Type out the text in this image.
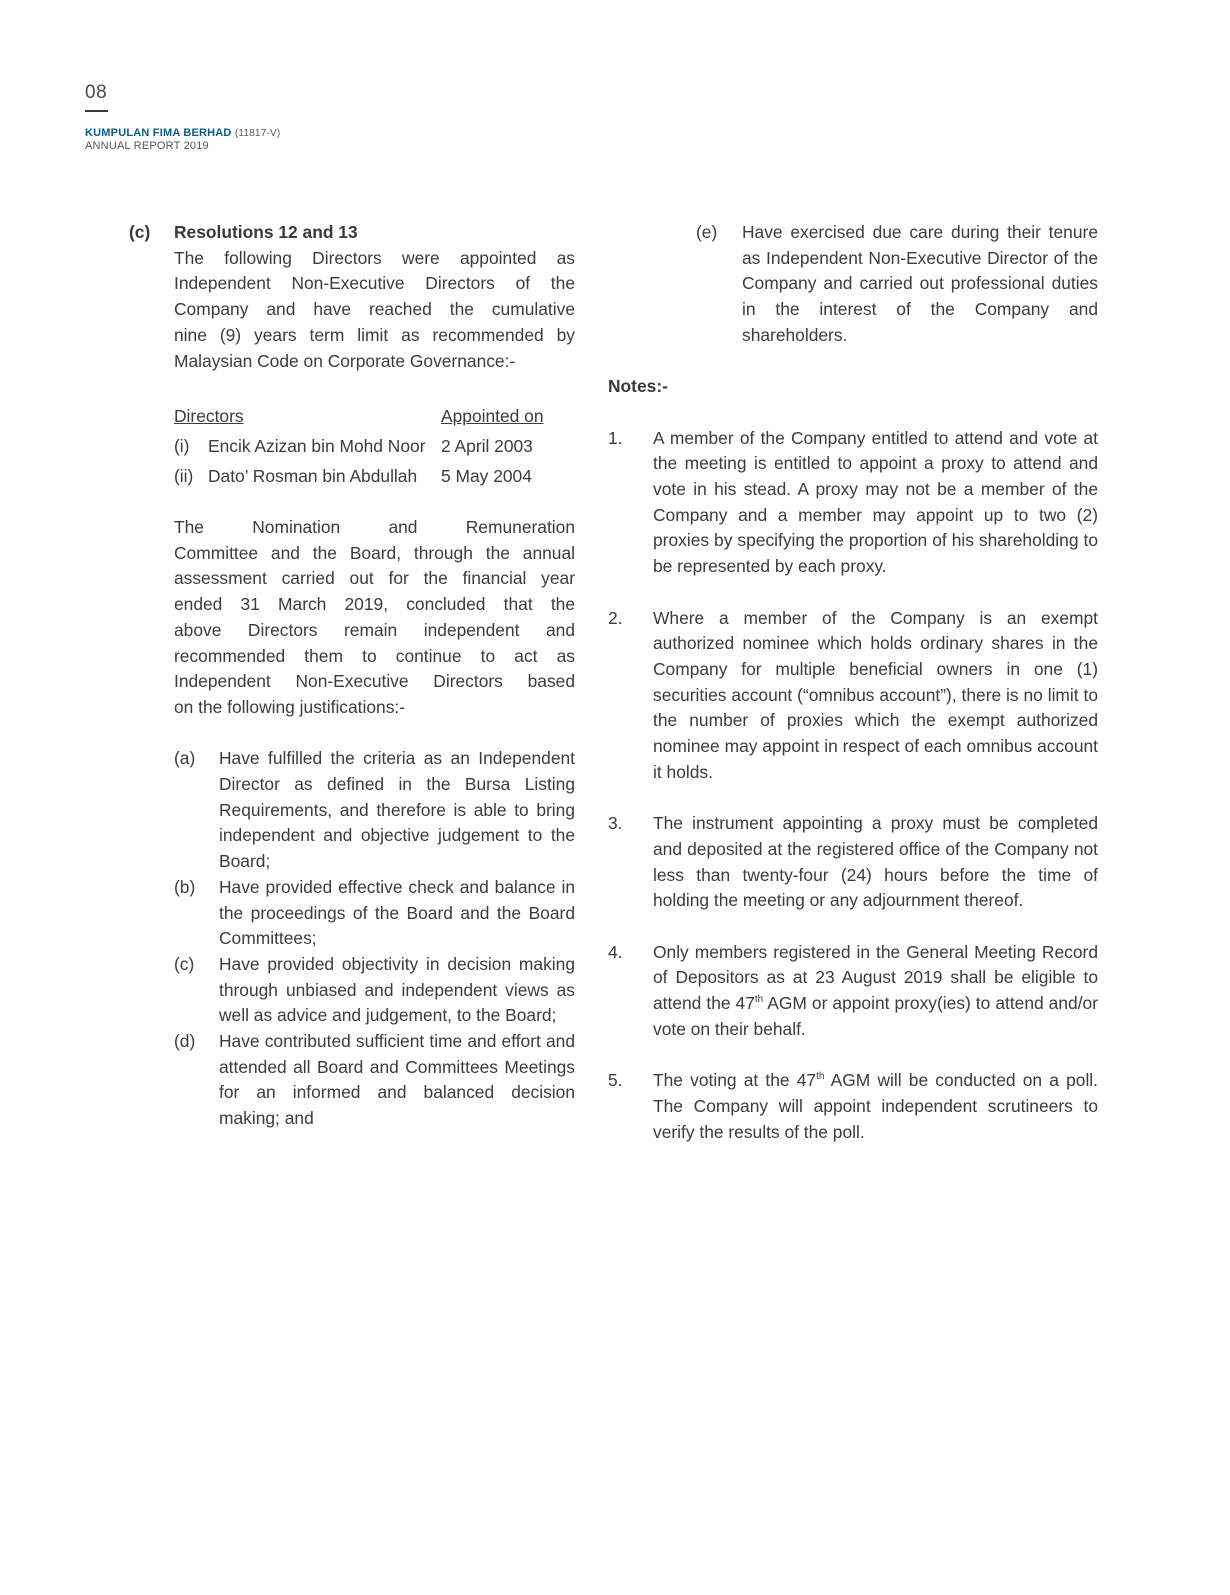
08
KUMPULAN FIMA BERHAD (11817-V)
ANNUAL REPORT 2019
(c)	Resolutions 12 and 13
The following Directors were appointed as
Independent Non-Executive Directors of the
Company and have reached the cumulative
nine (9) years term limit as recommended by
Malaysian Code on Corporate Governance:-
Directors	Appointed on
(i)	Encik Azizan bin Mohd Noor 2 April 2003
(ii) Dato’ Rosman bin Abdullah	5 May 2004
The Nomination and Remuneration
Committee and the Board, through the annual
assessment carried out for the financial year
ended 31 March 2019, concluded that the
above Directors remain independent and
recommended them to continue to act as
Independent Non-Executive Directors based
on the following justifications:-
(a)	Have fulfilled the criteria as an Independent Director as defined in the Bursa Listing Requirements, and therefore is able to bring independent and objective judgement to the Board;
(b)	Have provided effective check and balance in the proceedings of the Board and the Board Committees;
(c)	Have provided objectivity in decision making through unbiased and independent views as well as advice and judgement, to the Board;
(d)	Have contributed sufficient time and effort and attended all Board and Committees Meetings for an informed and balanced decision making; and
(e)	Have exercised due care during their tenure as Independent Non-Executive Director of the Company and carried out professional duties in the interest of the Company and shareholders.
Notes:-
1.	A member of the Company entitled to attend and vote at the meeting is entitled to appoint a proxy to attend and vote in his stead. A proxy may not be a member of the Company and a member may appoint up to two (2) proxies by specifying the proportion of his shareholding to be represented by each proxy.
2.	Where a member of the Company is an exempt authorized nominee which holds ordinary shares in the Company for multiple beneficial owners in one (1) securities account (“omnibus account”), there is no limit to the number of proxies which the exempt authorized nominee may appoint in respect of each omnibus account it holds.
3.	The instrument appointing a proxy must be completed and deposited at the registered office of the Company not less than twenty-four (24) hours before the time of holding the meeting or any adjournment thereof.
4.	Only members registered in the General Meeting Record of Depositors as at 23 August 2019 shall be eligible to attend the 47th AGM or appoint proxy(ies) to attend and/or vote on their behalf.
5.	The voting at the 47th AGM will be conducted on a poll. The Company will appoint independent scrutineers to verify the results of the poll.
